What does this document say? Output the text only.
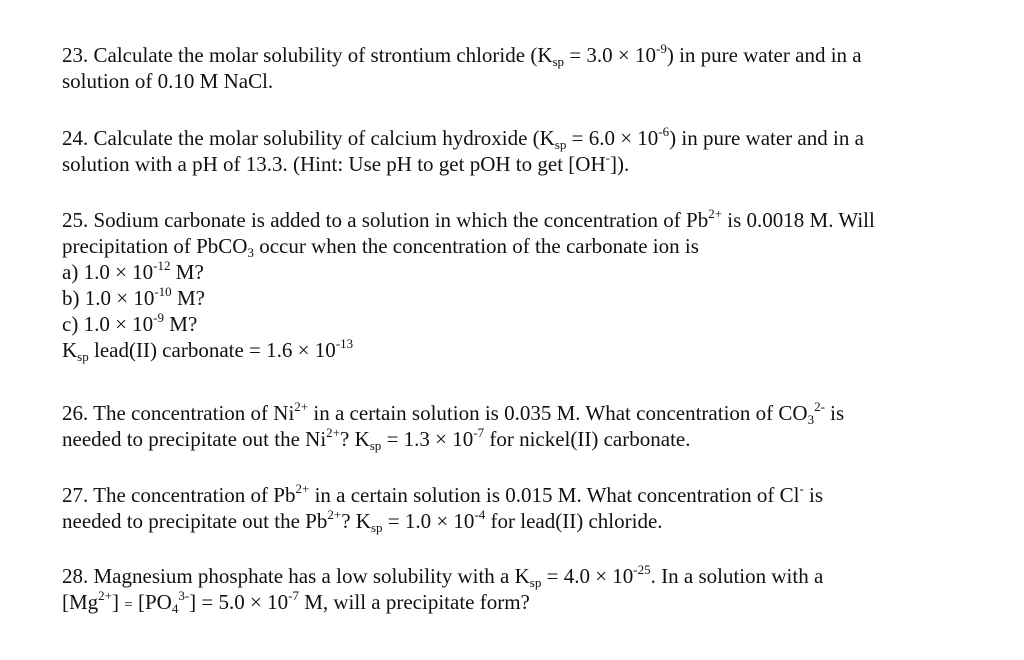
23. Calculate the molar solubility of strontium chloride $(K_{sp} = 3.0 \times 10^{-9})$ in pure water and in a
solution of 0.10 M NaCl.
24. Calculate the molar solubility of calcium hydroxide $(K_{sp} = 6.0 \times 10^{-6})$ in pure water and in a
solution with a pH of 13.3. (Hint: Use pH to get pOH to get [OH-]).
25. Sodium carbonate is added to a solution in which the concentration of $Pb^{2+}$ is 0.0018 M. Will
precipitation of PbCO$_3$ occur when the concentration of the carbonate ion is
a) $1.0 \times 10^{-12}$ M?
b) $1.0 \times 10^{-10}$ M?
c) $1.0 \times 10^{-9}$ M?
$K_{sp}$ lead(II) carbonate = $1.6 \times 10^{-13}$
26. The concentration of $Ni^{2+}$ in a certain solution is 0.035 M. What concentration of $CO_3^{2-}$ is
needed to precipitate out the $Ni^{2+}$? $K_{sp} = 1.3 \times 10^{-7}$ for nickel(II) carbonate.
27. The concentration of $Pb^{2+}$ in a certain solution is 0.015 M. What concentration of Cl- is
needed to precipitate out the $Pb^{2+}$? $K_{sp} = 1.0 \times 10^{-4}$ for lead(II) chloride.
28. Magnesium phosphate has a low solubility with a $K_{sp} = 4.0 \times 10^{-25}$. In a solution with a
$[Mg^{2+}] = [PO_4^{3-}] = 5.0 \times 10^{-7}$ M, will a precipitate form?
